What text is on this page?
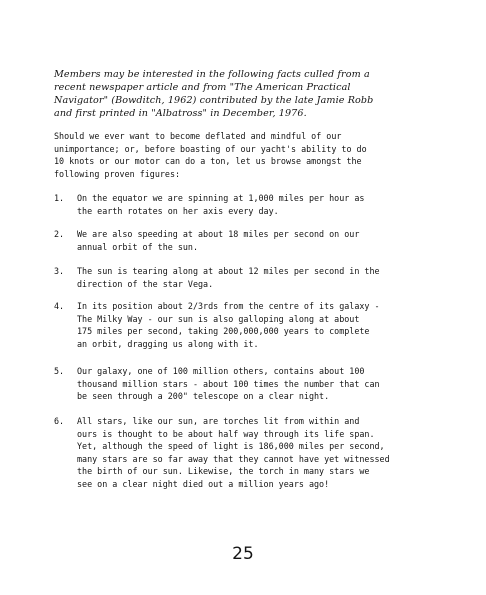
Members may be interested in the following facts culled from a
recent newspaper article and from "The American Practical
Navigator" (Bowditch, 1962) contributed by the late Jamie Robb
and first printed in "Albatross" in December, 1976.

Should we ever want to become deflated and mindful of our
unimportance; or, before boasting of our yacht's ability to do
10 knots or our motor can do a ton, let us browse amongst the
following proven figures:

1. On the equator we are spinning at 1,000 miles per hour as
the earth rotates on her axis every day.

2. We are also speeding at about 18 miles per second on our
annual orbit of the sun.

3. The sun is tearing along at about 12 miles per second in the
direction of the star Vega.

4. In its position about 2/3rds from the centre of its galaxy -
The Milky Way - our sun is also galloping along at about
175 miles per second, taking 200,000,000 years to complete
an orbit, dragging us along with it.

5. Our galaxy, one of 100 million others, contains about 100
thousand million stars - about 100 times the number that can
be seen through a 200" telescope on a clear night.

6. All stars, like our sun, are torches lit from within and
ours is thought to be about half way through its life span.
Yet, although the speed of light is 186,000 miles per second,
many stars are so far away that they cannot have yet witnessed
the birth of our sun. Likewise, the torch in many stars we
see on a clear night died out a million years ago!

25
